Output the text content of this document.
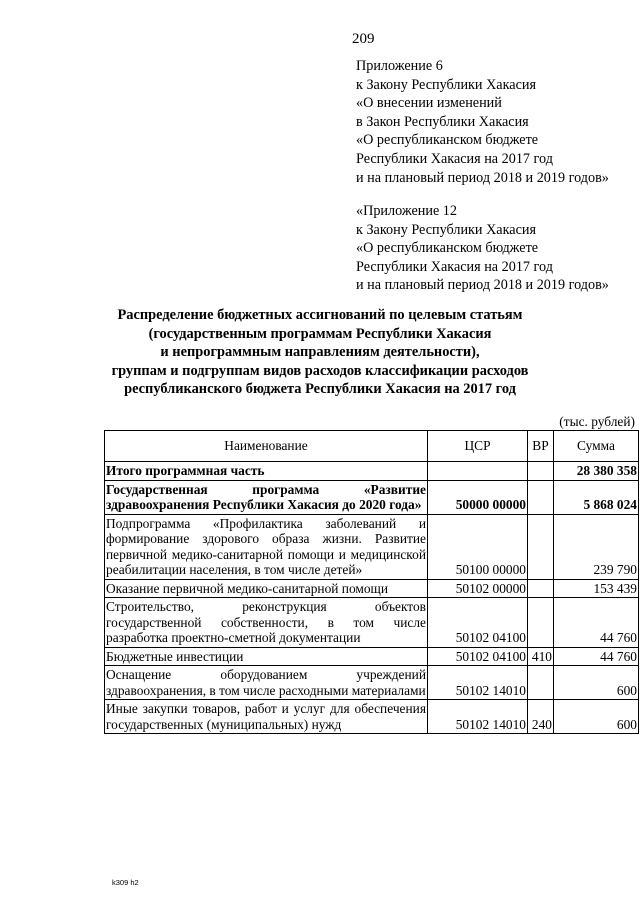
209
Приложение 6
к Закону Республики Хакасия
«О внесении изменений
в Закон Республики Хакасия
«О республиканском бюджете
Республики Хакасия на 2017 год
и на плановый период 2018 и 2019 годов»
«Приложение 12
к Закону Республики Хакасия
«О республиканском бюджете
Республики Хакасия на 2017 год
и на плановый период 2018 и 2019 годов»
Распределение бюджетных ассигнований по целевым статьям
(государственным программам Республики Хакасия
и непрограммным направлениям деятельности),
группам и подгруппам видов расходов классификации расходов
республиканского бюджета Республики Хакасия на 2017 год
(тыс. рублей)
Наименование	ЦСР	ВР	Сумма
Итого программная часть			28 380 358
Государственная программа «Развитие здравоохранения Республики Хакасия до 2020 года»	50000 00000		5 868 024
Подпрограмма «Профилактика заболеваний и формирование здорового образа жизни. Развитие первичной медико-санитарной помощи и медицинской реабилитации населения, в том числе детей»	50100 00000		239 790
Оказание первичной медико-санитарной помощи	50102 00000		153 439
Строительство, реконструкция объектов государственной собственности, в том числе разработка проектно-сметной документации	50102 04100		44 760
Бюджетные инвестиции	50102 04100	410	44 760
Оснащение оборудованием учреждений здравоохранения, в том числе расходными материалами	50102 14010		600
Иные закупки товаров, работ и услуг для обеспечения государственных (муниципальных) нужд	50102 14010	240	600
k309 h2
